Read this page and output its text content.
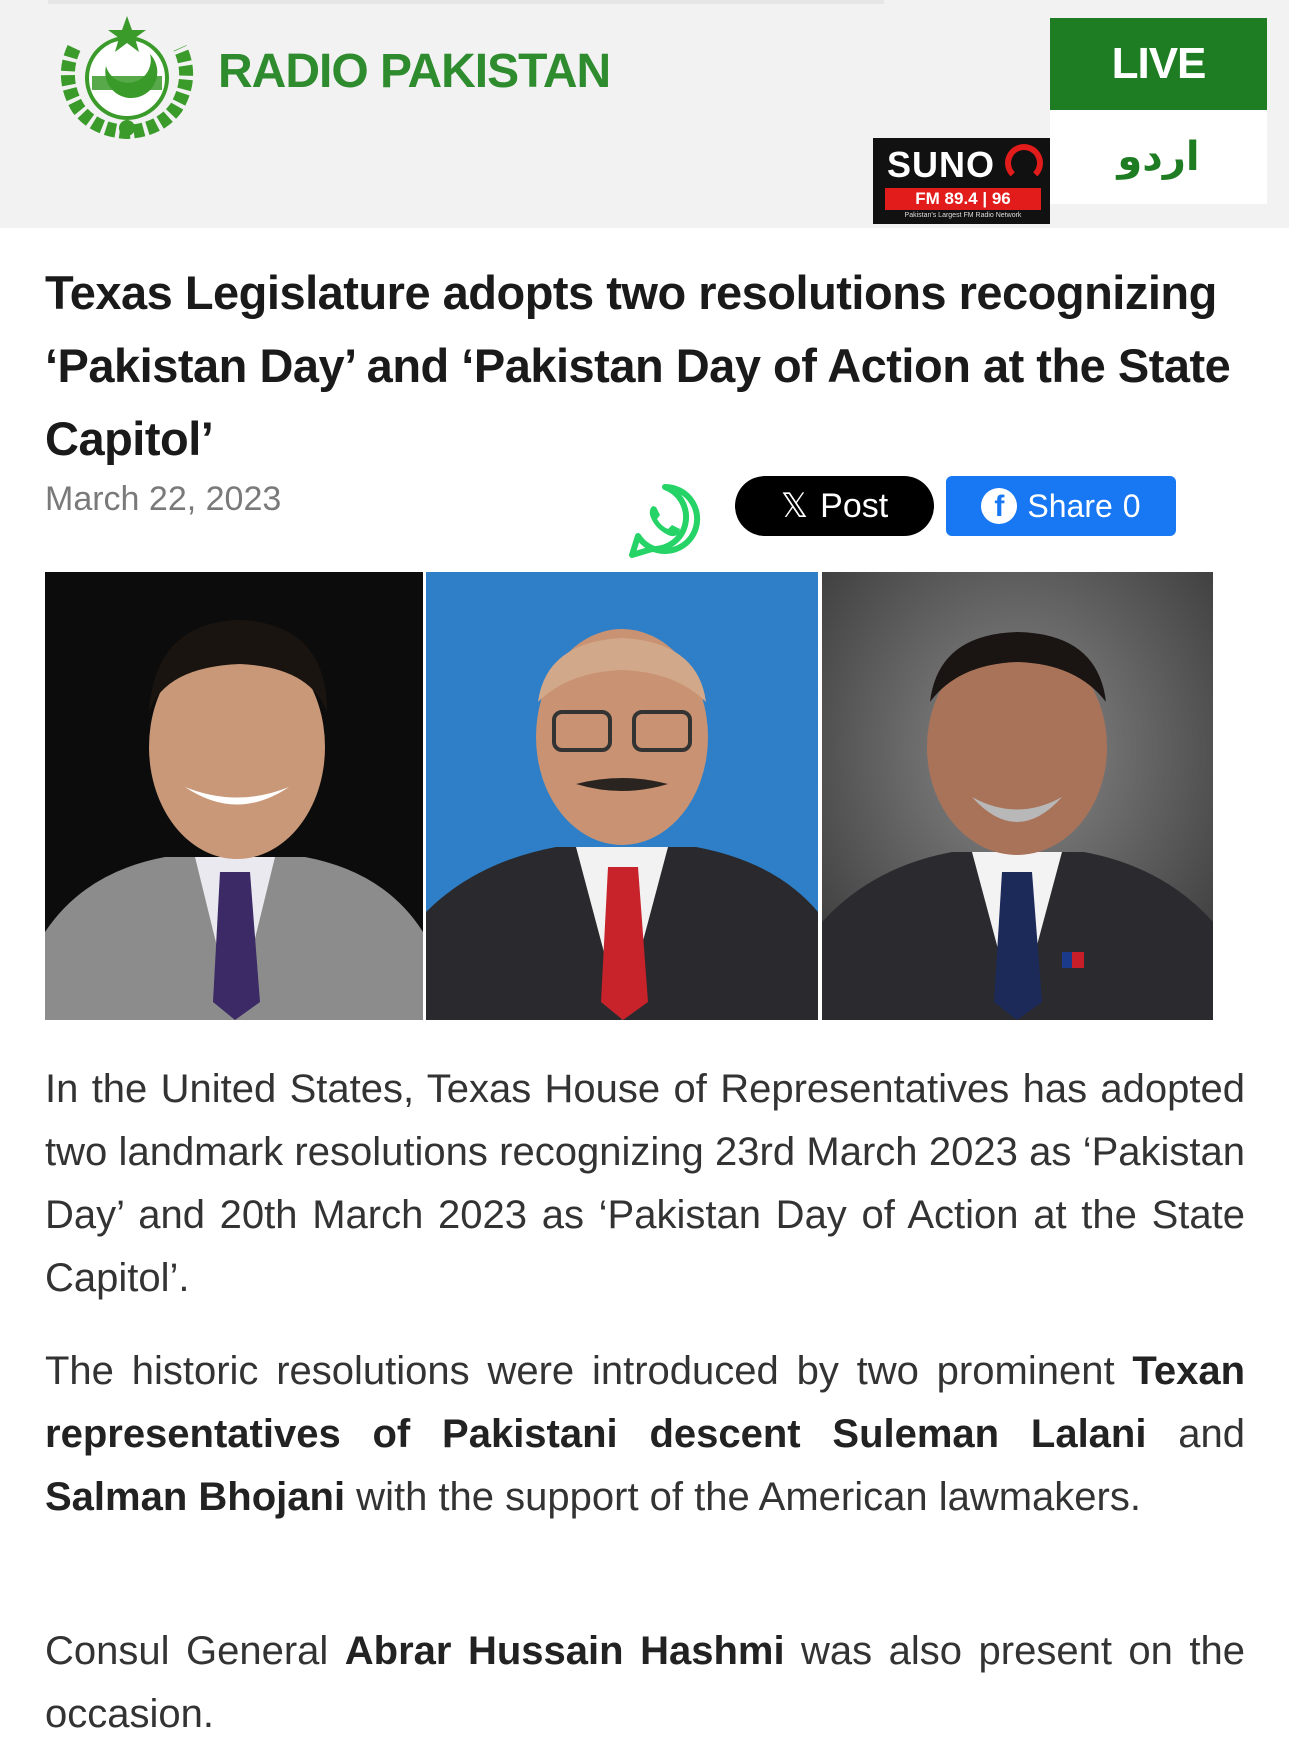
RADIO PAKISTAN	LIVE
اردو
SUNO
FM 89.4 | 96
Pakistan's Largest FM Radio Network
Texas Legislature adopts two resolutions recognizing ‘Pakistan Day’ and ‘Pakistan Day of Action at the State Capitol’
March 22, 2023	𝕏 Post	f Share 0

In the United States, Texas House of Representatives has adopted two landmark resolutions recognizing 23rd March 2023 as ‘Pakistan Day’ and 20th March 2023 as ‘Pakistan Day of Action at the State Capitol’.

The historic resolutions were introduced by two prominent Texan representatives of Pakistani descent Suleman Lalani and Salman Bhojani with the support of the American lawmakers.

Consul General Abrar Hussain Hashmi was also present on the occasion.
